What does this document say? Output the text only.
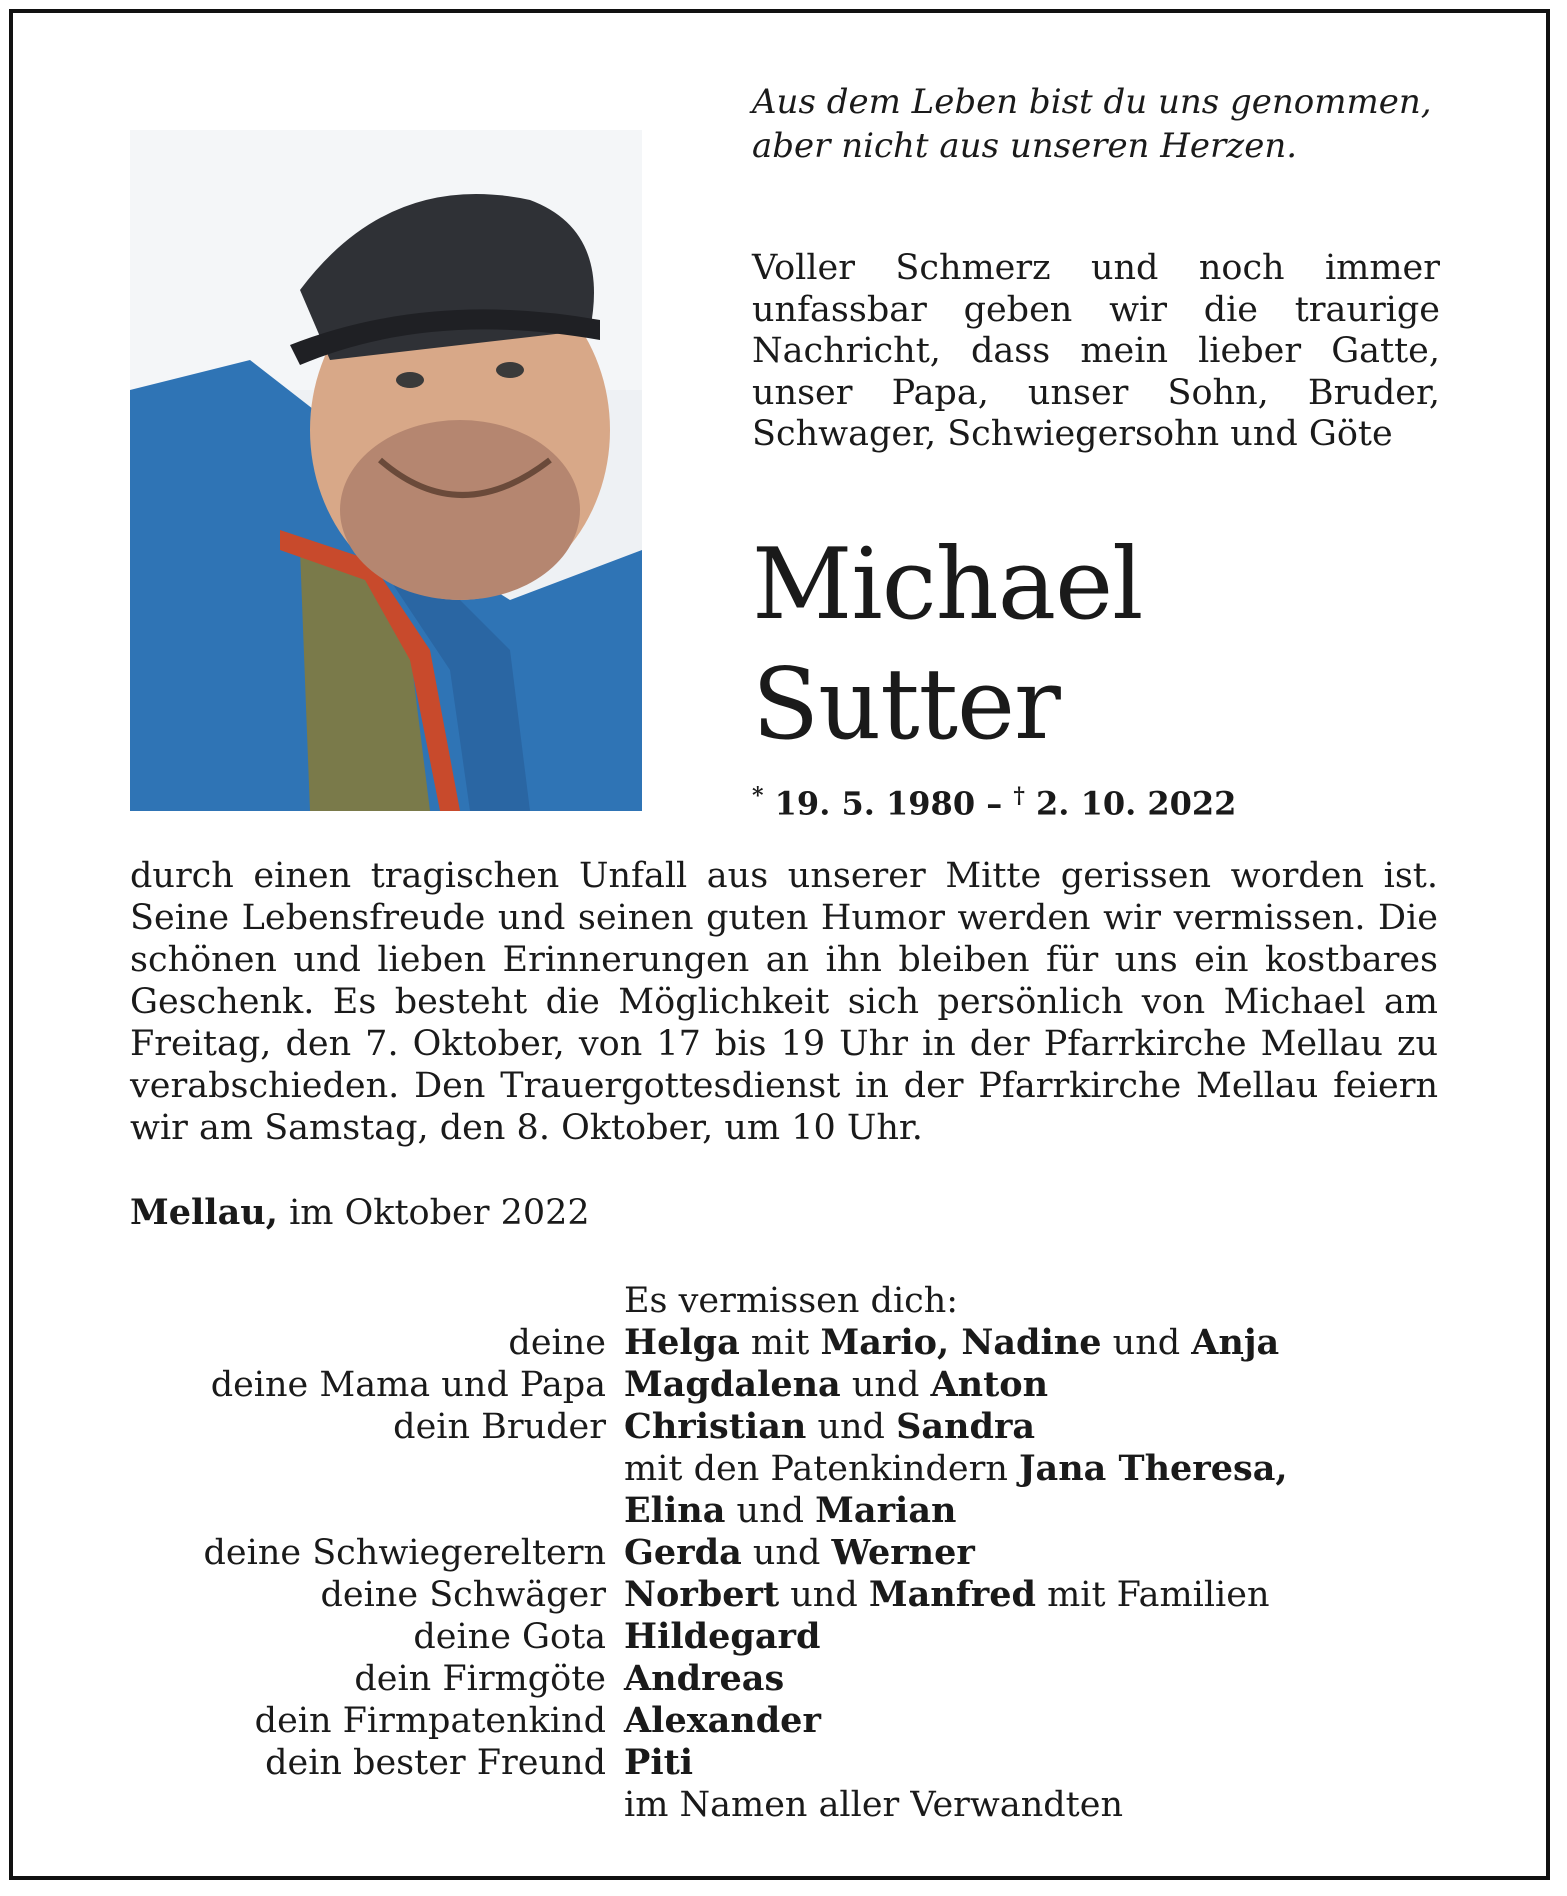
Aus dem Leben bist du uns genommen,
aber nicht aus unseren Herzen.
Voller Schmerz und noch immer unfassbar geben wir die traurige Nachricht, dass mein lieber Gatte, unser Papa, unser Sohn, Bruder, Schwager, Schwiegersohn und Göte
Michael
Sutter
* 19. 5. 1980 – † 2. 10. 2022
durch einen tragischen Unfall aus unserer Mitte gerissen worden ist. Seine Lebensfreude und seinen guten Humor werden wir vermissen. Die schönen und lieben Erinnerungen an ihn bleiben für uns ein kostbares Geschenk. Es besteht die Möglichkeit sich persönlich von Michael am Freitag, den 7. Oktober, von 17 bis 19 Uhr in der Pfarrkirche Mellau zu verabschieden. Den Trauergottesdienst in der Pfarrkirche Mellau feiern wir am Samstag, den 8. Oktober, um 10 Uhr.
Mellau, im Oktober 2022
Es vermissen dich:
deine Helga mit Mario, Nadine und Anja
deine Mama und Papa Magdalena und Anton
dein Bruder Christian und Sandra
mit den Patenkindern Jana Theresa,
Elina und Marian
deine Schwiegereltern Gerda und Werner
deine Schwäger Norbert und Manfred mit Familien
deine Gota Hildegard
dein Firmgöte Andreas
dein Firmpatenkind Alexander
dein bester Freund Piti
im Namen aller Verwandten
